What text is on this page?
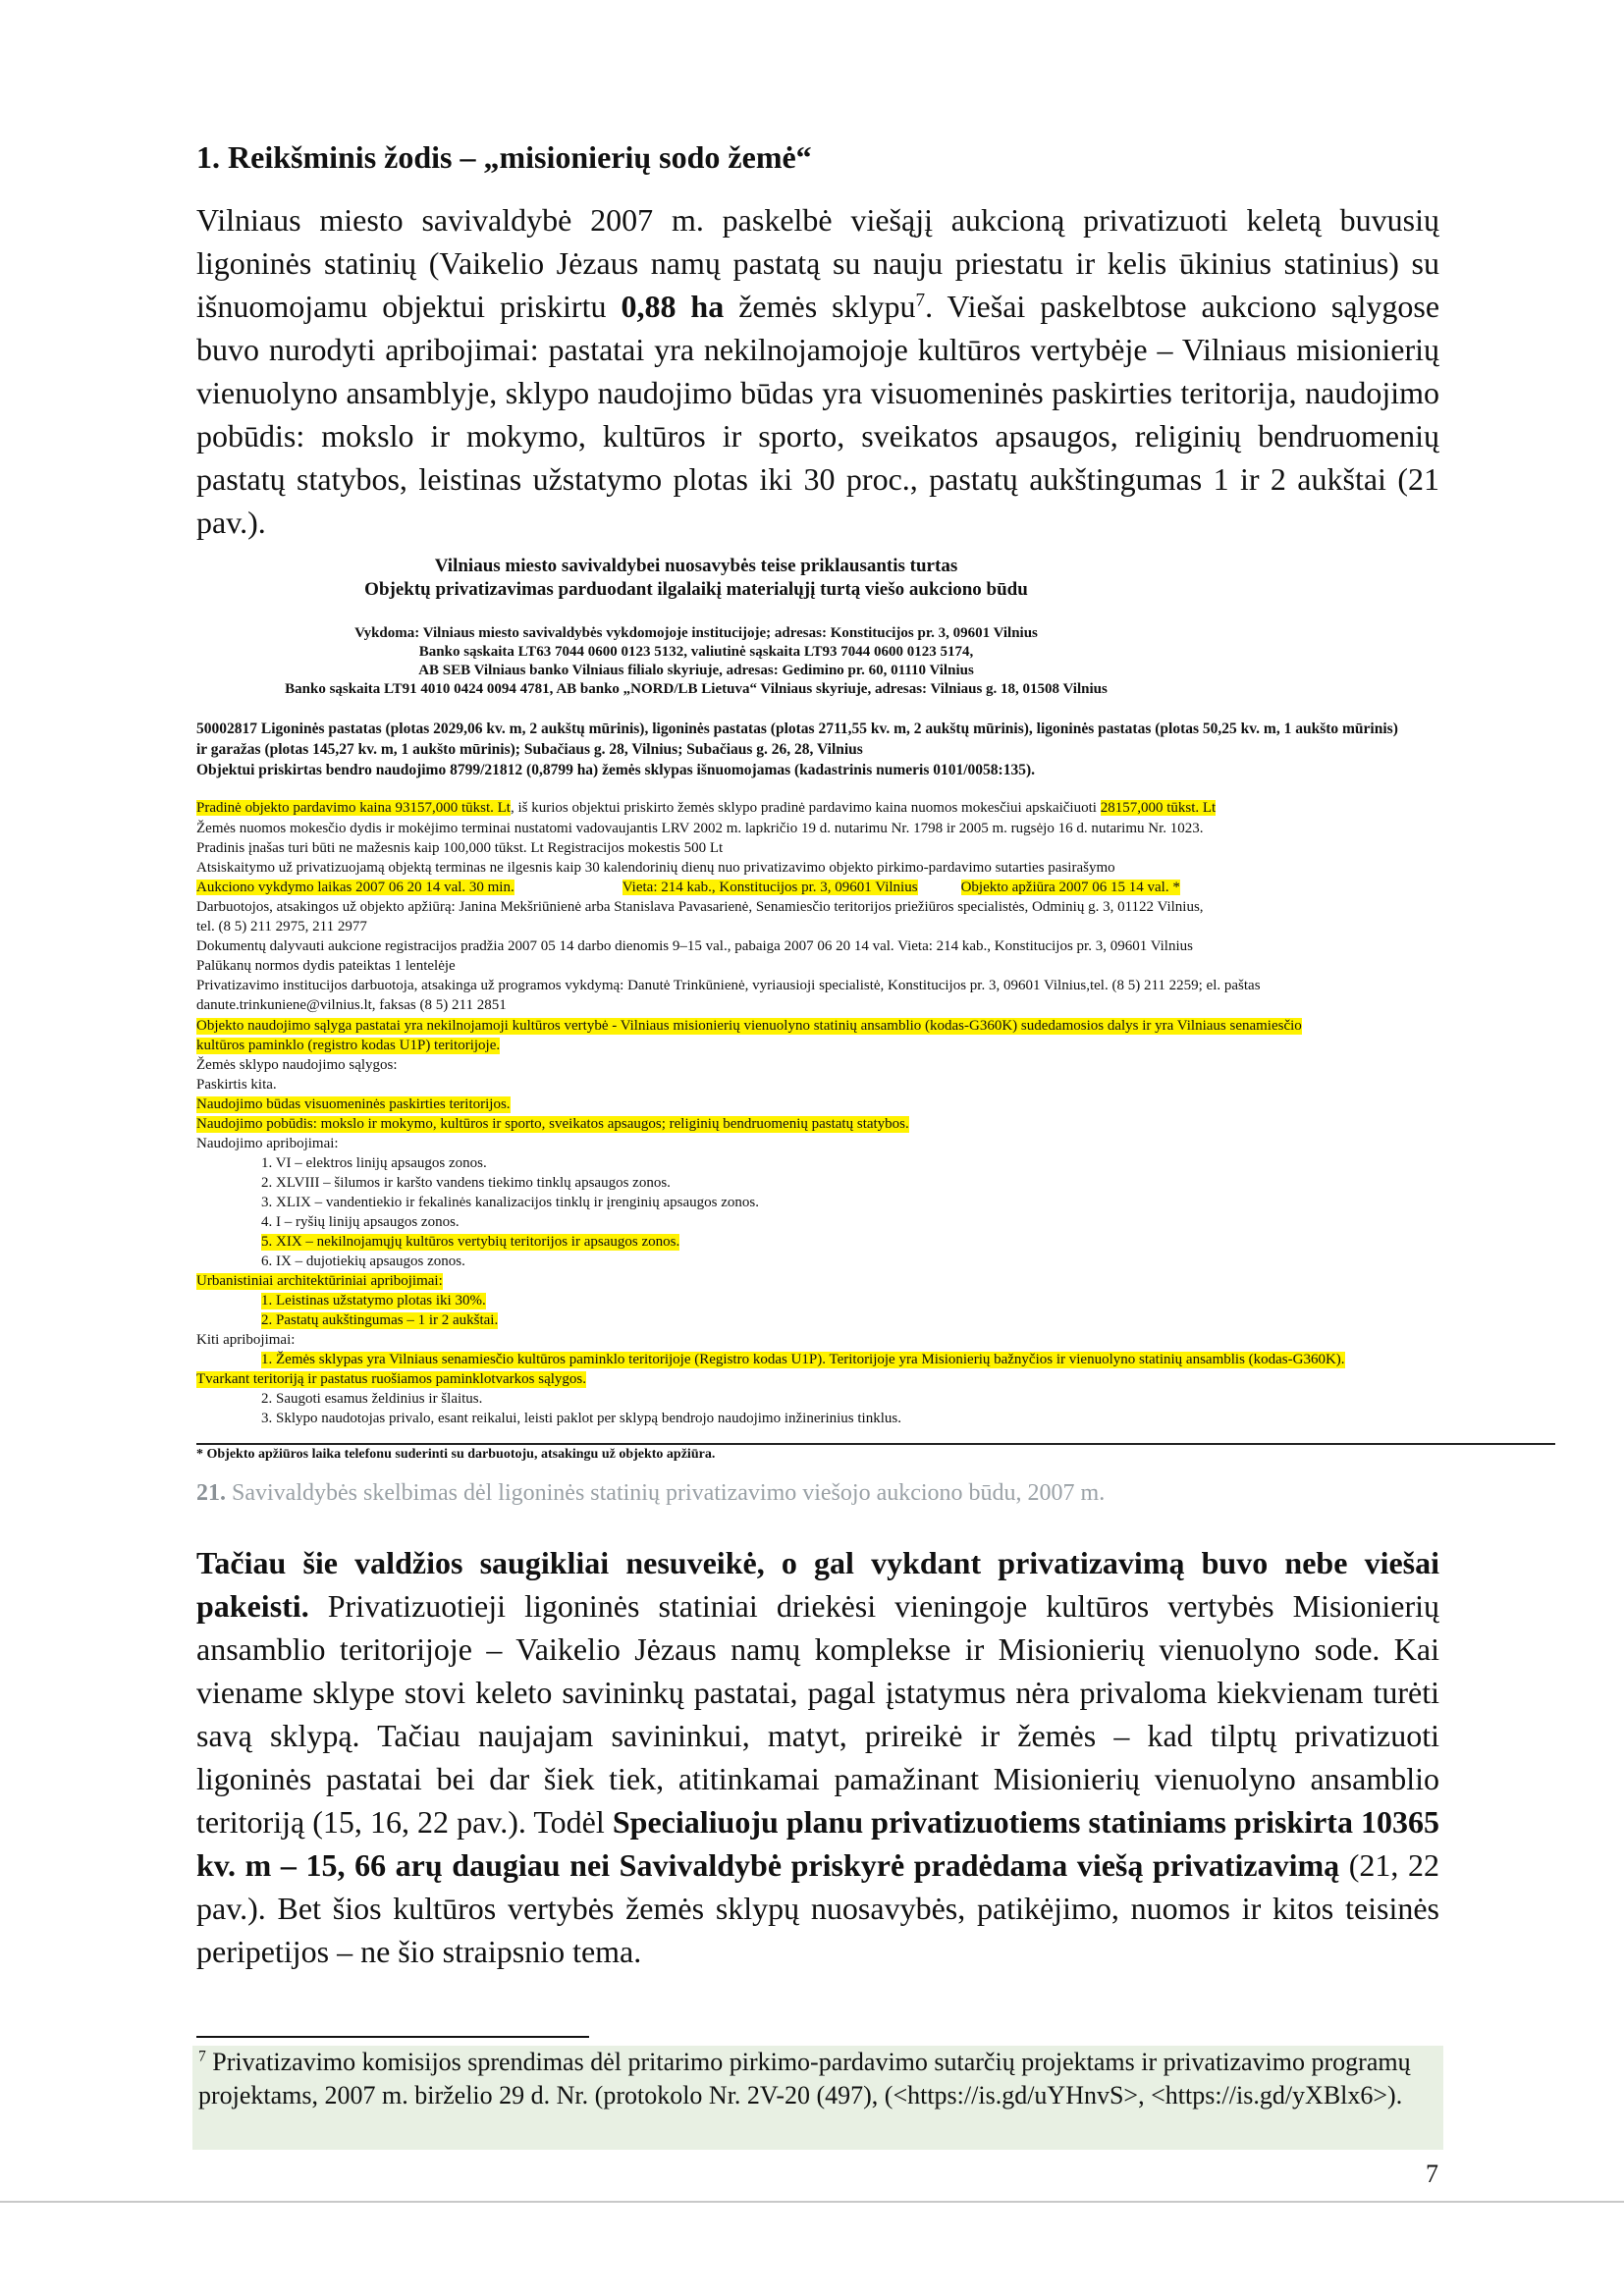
1. Reikšminis žodis – „misionierių sodo žemė“
Vilniaus miesto savivaldybė 2007 m. paskelbė viešąjį aukcioną privatizuoti keletą buvusių ligoninės statinių (Vaikelio Jėzaus namų pastatą su nauju priestatu ir kelis ūkinius statinius) su išnuomojamu objektui priskirtu 0,88 ha žemės sklypu$^7$. Viešai paskelbtose aukciono sąlygose buvo nurodyti apribojimai: pastatai yra nekilnojamojoje kultūros vertybėje – Vilniaus misionierių vienuolyno ansamblyje, sklypo naudojimo būdas yra visuomeninės paskirties teritorija, naudojimo pobūdis: mokslo ir mokymo, kultūros ir sporto, sveikatos apsaugos, religinių bendruomenių pastatų statybos, leistinas užstatymo plotas iki 30 proc., pastatų aukštingumas 1 ir 2 aukštai (21 pav.).
Vilniaus miesto savivaldybei nuosavybės teise priklausantis turtas
Objektų privatizavimas parduodant ilgalaikį materialųjį turtą viešo aukciono būdu
Vykdoma: Vilniaus miesto savivaldybės vykdomojoje institucijoje; adresas: Konstitucijos pr. 3, 09601 Vilnius
Banko sąskaita LT63 7044 0600 0123 5132, valiutinė sąskaita LT93 7044 0600 0123 5174,
AB SEB Vilniaus banko Vilniaus filialo skyriuje, adresas: Gedimino pr. 60, 01110 Vilnius
Banko sąskaita LT91 4010 0424 0094 4781, AB banko „NORD/LB Lietuva“ Vilniaus skyriuje, adresas: Vilniaus g. 18, 01508 Vilnius
50002817 Ligoninės pastatas (plotas 2029,06 kv. m, 2 aukštų mūrinis), ligoninės pastatas (plotas 2711,55 kv. m, 2 aukštų mūrinis), ligoninės pastatas (plotas 50,25 kv. m, 1 aukšto mūrinis)
ir garažas (plotas 145,27 kv. m, 1 aukšto mūrinis); Subačiaus g. 28, Vilnius; Subačiaus g. 26, 28, Vilnius
Objektui priskirtas bendro naudojimo 8799/21812 (0,8799 ha) žemės sklypas išnuomojamas (kadastrinis numeris 0101/0058:135).
Pradinė objekto pardavimo kaina 93157,000 tūkst. Lt, iš kurios objektui priskirto žemės sklypo pradinė pardavimo kaina nuomos mokesčiui apskaičiuoti 28157,000 tūkst. Lt
Žemės nuomos mokesčio dydis ir mokėjimo terminai nustatomi vadovaujantis LRV 2002 m. lapkričio 19 d. nutarimu Nr. 1798 ir 2005 m. rugsėjo 16 d. nutarimu Nr. 1023.
Pradinis įnašas turi būti ne mažesnis kaip 100,000 tūkst. Lt Registracijos mokestis 500 Lt
Atsiskaitymo už privatizuojamą objektą terminas ne ilgesnis kaip 30 kalendorinių dienų nuo privatizavimo objekto pirkimo-pardavimo sutarties pasirašymo
Aukciono vykdymo laikas 2007 06 20 14 val. 30 min.	Vieta: 214 kab., Konstitucijos pr. 3, 09601 Vilnius	Objekto apžiūra 2007 06 15 14 val. *
Darbuotojos, atsakingos už objekto apžiūrą: Janina Mekšriūnienė arba Stanislava Pavasarienė, Senamiesčio teritorijos priežiūros specialistės, Odminių g. 3, 01122 Vilnius,
tel. (8 5) 211 2975, 211 2977
Dokumentų dalyvauti aukcione registracijos pradžia 2007 05 14 darbo dienomis 9–15 val., pabaiga 2007 06 20 14 val. Vieta: 214 kab., Konstitucijos pr. 3, 09601 Vilnius
Palūkanų normos dydis pateiktas 1 lentelėje
Privatizavimo institucijos darbuotoja, atsakinga už programos vykdymą: Danutė Trinkūnienė, vyriausioji specialistė, Konstitucijos pr. 3, 09601 Vilnius,tel. (8 5) 211 2259; el. paštas
danute.trinkuniene@vilnius.lt, faksas (8 5) 211 2851
Objekto naudojimo sąlyga pastatai yra nekilnojamoji kultūros vertybė - Vilniaus misionierių vienuolyno statinių ansamblio (kodas-G360K) sudedamosios dalys ir yra Vilniaus senamiesčio
kultūros paminklo (registro kodas U1P) teritorijoje.
Žemės sklypo naudojimo sąlygos:
Paskirtis kita.
Naudojimo būdas visuomeninės paskirties teritorijos.
Naudojimo pobūdis: mokslo ir mokymo, kultūros ir sporto, sveikatos apsaugos; religinių bendruomenių pastatų statybos.
Naudojimo apribojimai:
1. VI – elektros linijų apsaugos zonos.
2. XLVIII – šilumos ir karšto vandens tiekimo tinklų apsaugos zonos.
3. XLIX – vandentiekio ir fekalinės kanalizacijos tinklų ir įrenginių apsaugos zonos.
4. I – ryšių linijų apsaugos zonos.
5. XIX – nekilnojamųjų kultūros vertybių teritorijos ir apsaugos zonos.
6. IX – dujotiekių apsaugos zonos.
Urbanistiniai architektūriniai apribojimai:
1. Leistinas užstatymo plotas iki 30%.
2. Pastatų aukštingumas – 1 ir 2 aukštai.
Kiti apribojimai:
1. Žemės sklypas yra Vilniaus senamiesčio kultūros paminklo teritorijoje (Registro kodas U1P). Teritorijoje yra Misionierių bažnyčios ir vienuolyno statinių ansamblis (kodas-G360K).
Tvarkant teritoriją ir pastatus ruošiamos paminklotvarkos sąlygos.
2. Saugoti esamus želdinius ir šlaitus.
3. Sklypo naudotojas privalo, esant reikalui, leisti paklot per sklypą bendrojo naudojimo inžinerinius tinklus.
* Objekto apžiūros laika telefonu suderinti su darbuotoju, atsakingu už objekto apžiūra.
21. Savivaldybės skelbimas dėl ligoninės statinių privatizavimo viešojo aukciono būdu, 2007 m.
Tačiau šie valdžios saugikliai nesuveikė, o gal vykdant privatizavimą buvo nebe viešai pakeisti. Privatizuotieji ligoninės statiniai driekėsi vieningoje kultūros vertybės Misionierių ansamblio teritorijoje – Vaikelio Jėzaus namų komplekse ir Misionierių vienuolyno sode. Kai viename sklype stovi keleto savininkų pastatai, pagal įstatymus nėra privaloma kiekvienam turėti savą sklypą. Tačiau naujajam savininkui, matyt, prireikė ir žemės – kad tilptų privatizuoti ligoninės pastatai bei dar šiek tiek, atitinkamai pamažinant Misionierių vienuolyno ansamblio teritoriją (15, 16, 22 pav.). Todėl Specialiuoju planu privatizuotiems statiniams priskirta 10365 kv. m – 15, 66 arų daugiau nei Savivaldybė priskyrė pradėdama viešą privatizavimą (21, 22 pav.). Bet šios kultūros vertybės žemės sklypų nuosavybės, patikėjimo, nuomos ir kitos teisinės peripetijos – ne šio straipsnio tema.
$^7$ Privatizavimo komisijos sprendimas dėl pritarimo pirkimo-pardavimo sutarčių projektams ir privatizavimo programų projektams, 2007 m. birželio 29 d. Nr. (protokolo Nr. 2V-20 (497), (<https://is.gd/uYHnvS>, <https://is.gd/yXBlx6>).
7
